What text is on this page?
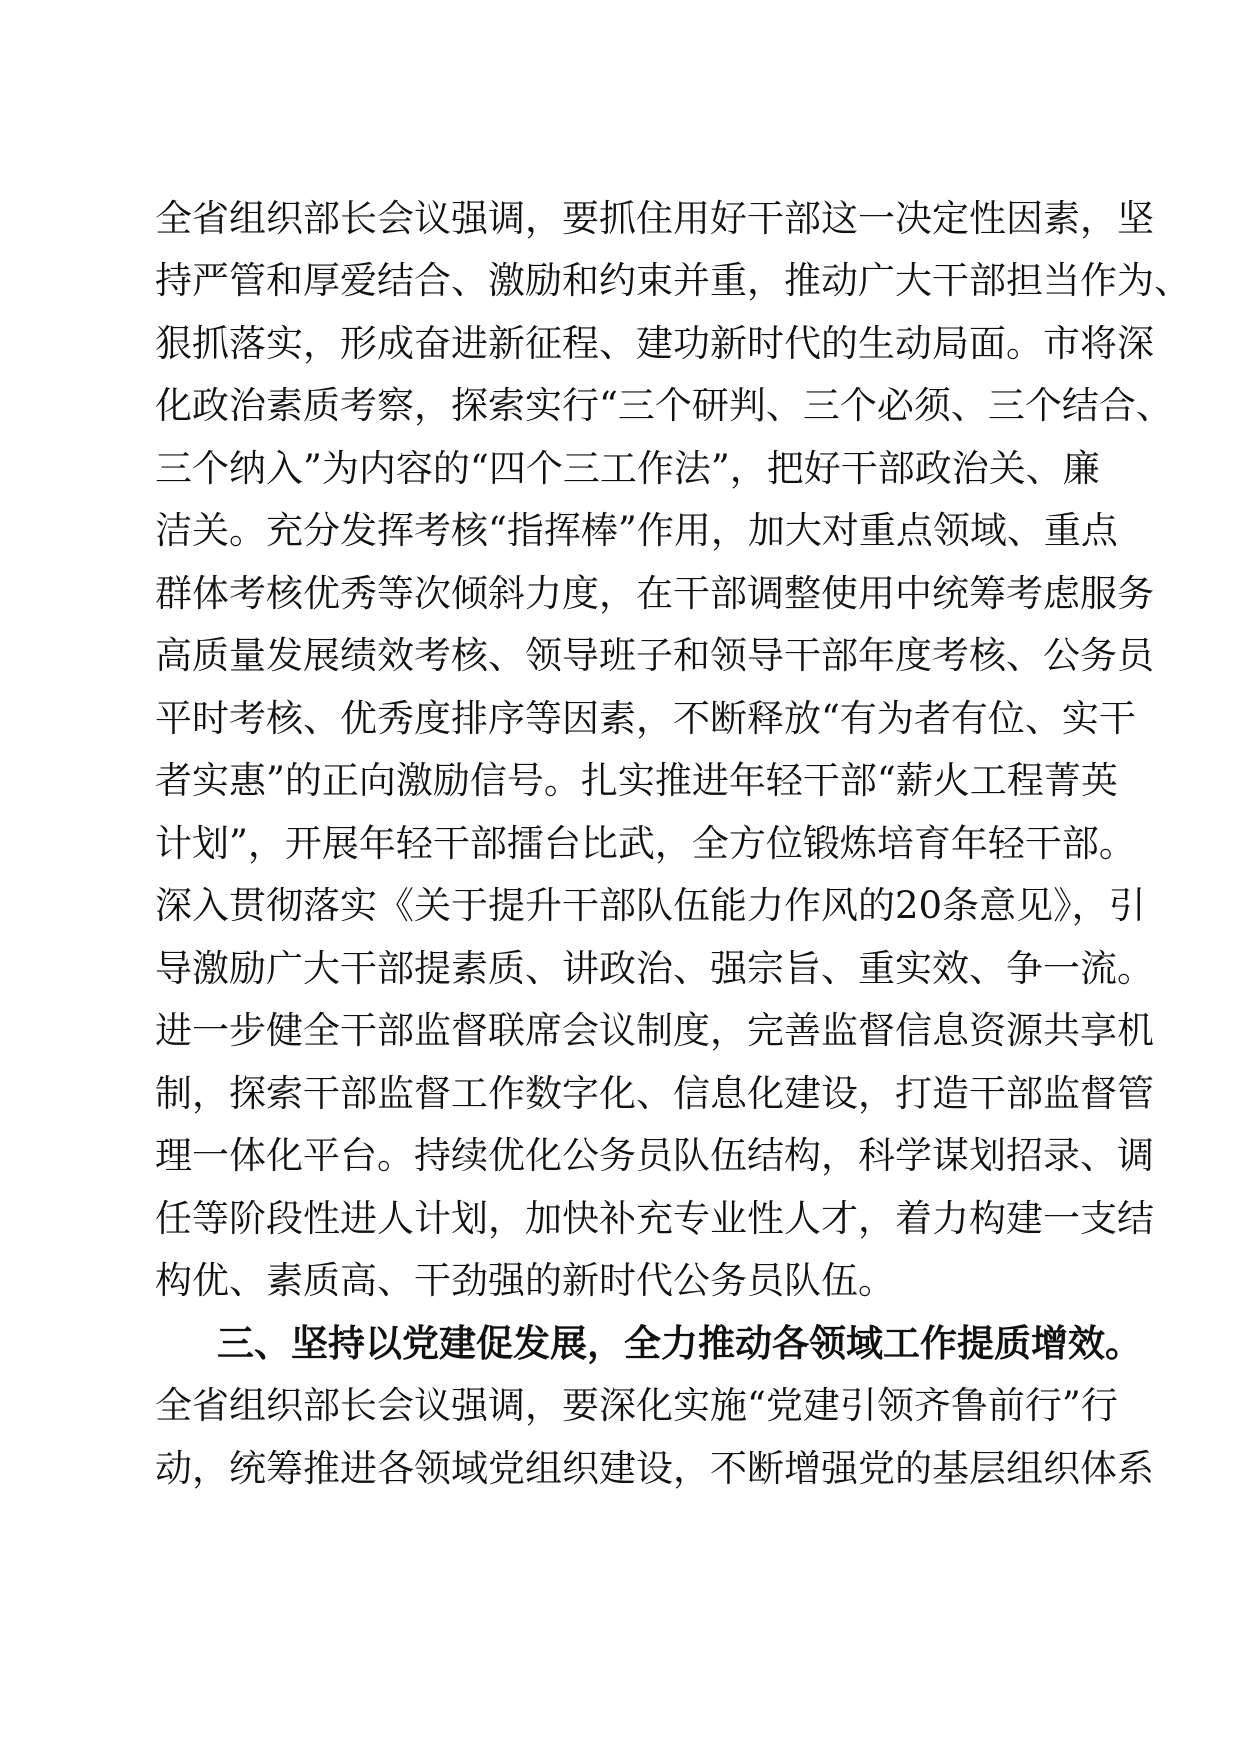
全省组织部长会议强调，要抓住用好干部这一决定性因素，坚
持严管和厚爱结合、激励和约束并重，推动广大干部担当作为、
狠抓落实，形成奋进新征程、建功新时代的生动局面。市将深
化政治素质考察，探索实行“三个研判、三个必须、三个结合、
三个纳入”为内容的“四个三工作法”，把好干部政治关、廉
洁关。充分发挥考核“指挥棒”作用，加大对重点领域、重点
群体考核优秀等次倾斜力度，在干部调整使用中统筹考虑服务
高质量发展绩效考核、领导班子和领导干部年度考核、公务员
平时考核、优秀度排序等因素，不断释放“有为者有位、实干
者实惠”的正向激励信号。扎实推进年轻干部“薪火工程菁英
计划”，开展年轻干部擂台比武，全方位锻炼培育年轻干部。
深入贯彻落实《关于提升干部队伍能力作风的20条意见》，引
导激励广大干部提素质、讲政治、强宗旨、重实效、争一流。
进一步健全干部监督联席会议制度，完善监督信息资源共享机
制，探索干部监督工作数字化、信息化建设，打造干部监督管
理一体化平台。持续优化公务员队伍结构，科学谋划招录、调
任等阶段性进人计划，加快补充专业性人才，着力构建一支结
构优、素质高、干劲强的新时代公务员队伍。
三、坚持以党建促发展，全力推动各领域工作提质增效。
全省组织部长会议强调，要深化实施“党建引领齐鲁前行”行
动，统筹推进各领域党组织建设，不断增强党的基层组织体系
